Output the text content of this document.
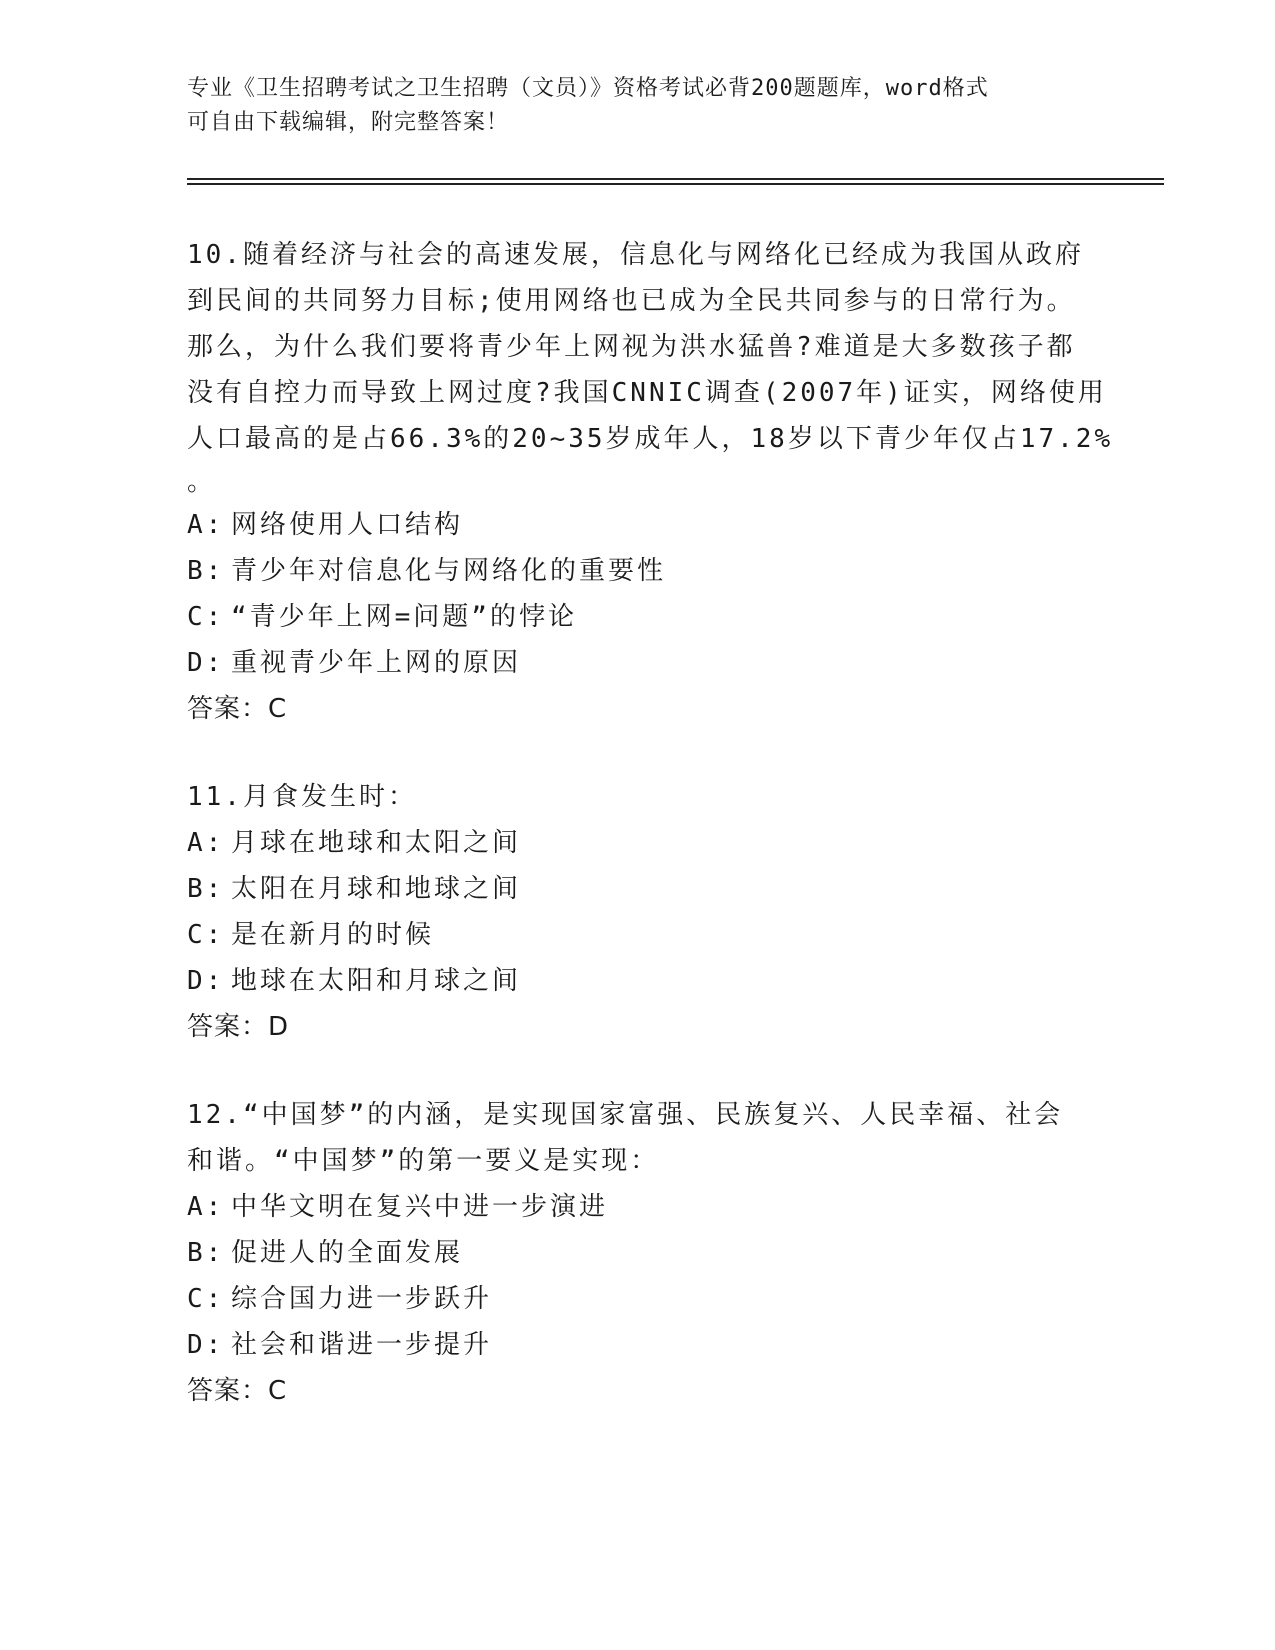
专业《卫生招聘考试之卫生招聘（文员）》资格考试必背200题题库，word格式
可自由下载编辑，附完整答案！
10.随着经济与社会的高速发展，信息化与网络化已经成为我国从政府
到民间的共同努力目标;使用网络也已成为全民共同参与的日常行为。
那么，为什么我们要将青少年上网视为洪水猛兽?难道是大多数孩子都
没有自控力而导致上网过度?我国CNNIC调查(2007年)证实，网络使用
人口最高的是占66.3%的20~35岁成年人，18岁以下青少年仅占17.2%
。
A: 网络使用人口结构
B: 青少年对信息化与网络化的重要性
C: “青少年上网=问题”的悖论
D: 重视青少年上网的原因
答案：C
11.月食发生时：
A: 月球在地球和太阳之间
B: 太阳在月球和地球之间
C: 是在新月的时候
D: 地球在太阳和月球之间
答案：D
12.“中国梦”的内涵，是实现国家富强、民族复兴、人民幸福、社会
和谐。“中国梦”的第一要义是实现：
A: 中华文明在复兴中进一步演进
B: 促进人的全面发展
C: 综合国力进一步跃升
D: 社会和谐进一步提升
答案：C
